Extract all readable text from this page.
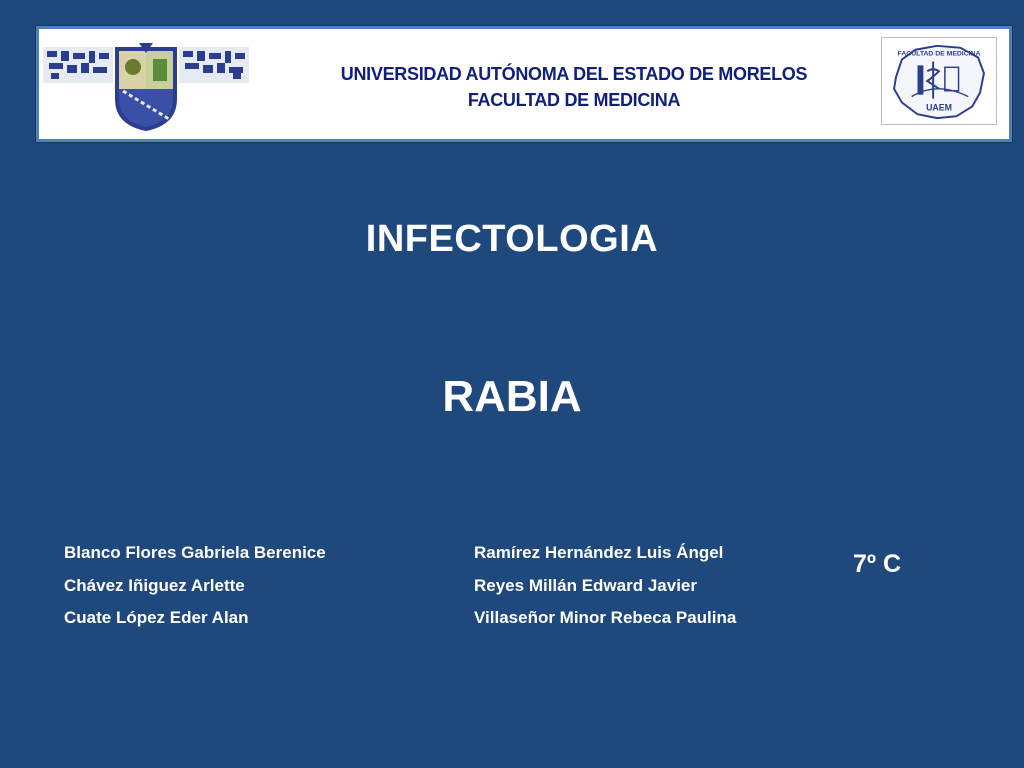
UNIVERSIDAD AUTÓNOMA DEL ESTADO DE MORELOS
FACULTAD DE MEDICINA
FACULTAD DE MEDICINA
UAEM
INFECTOLOGIA
RABIA
Blanco Flores Gabriela Berenice
Chávez Iñiguez Arlette
Cuate López Eder Alan
Ramírez Hernández Luis Ángel
Reyes Millán Edward Javier
Villaseñor Minor Rebeca Paulina
7º C
